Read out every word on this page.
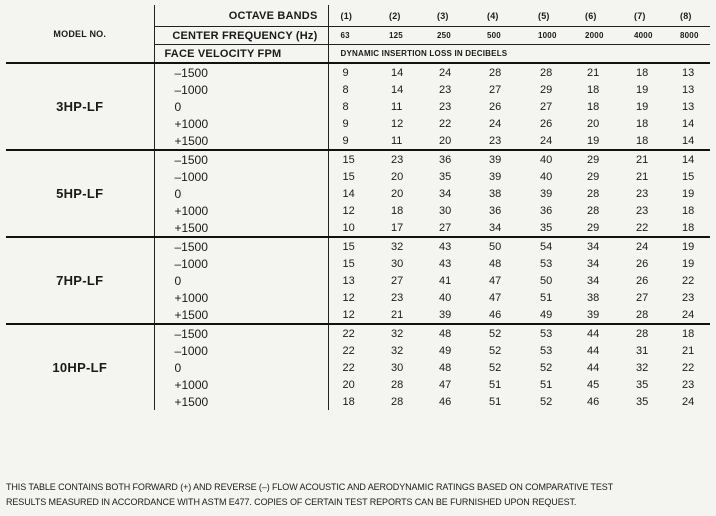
MODEL NO.	OCTAVE BANDS	(1)	(2)	(3)	(4)	(5)	(6)	(7)	(8)
	CENTER FREQUENCY (Hz)	63	125	250	500	1000	2000	4000	8000
	FACE VELOCITY FPM	DYNAMIC INSERTION LOSS IN DECIBELS							
3HP-LF	–1500	9	14	24	28	28	21	18	13
	–1000	8	14	23	27	29	18	19	13
	0	8	11	23	26	27	18	19	13
	+1000	9	12	22	24	26	20	18	14
	+1500	9	11	20	23	24	19	18	14
5HP-LF	–1500	15	23	36	39	40	29	21	14
	–1000	15	20	35	39	40	29	21	15
	0	14	20	34	38	39	28	23	19
	+1000	12	18	30	36	36	28	23	18
	+1500	10	17	27	34	35	29	22	18
7HP-LF	–1500	15	32	43	50	54	34	24	19
	–1000	15	30	43	48	53	34	26	19
	0	13	27	41	47	50	34	26	22
	+1000	12	23	40	47	51	38	27	23
	+1500	12	21	39	46	49	39	28	24
10HP-LF	–1500	22	32	48	52	53	44	28	18
	–1000	22	32	49	52	53	44	31	21
	0	22	30	48	52	52	44	32	22
	+1000	20	28	47	51	51	45	35	23
	+1500	18	28	46	51	52	46	35	24
THIS TABLE CONTAINS BOTH FORWARD (+) AND REVERSE (–) FLOW ACOUSTIC AND AERODYNAMIC RATINGS BASED ON COMPARATIVE TEST
RESULTS MEASURED IN ACCORDANCE WITH ASTM E477. COPIES OF CERTAIN TEST REPORTS CAN BE FURNISHED UPON REQUEST.
